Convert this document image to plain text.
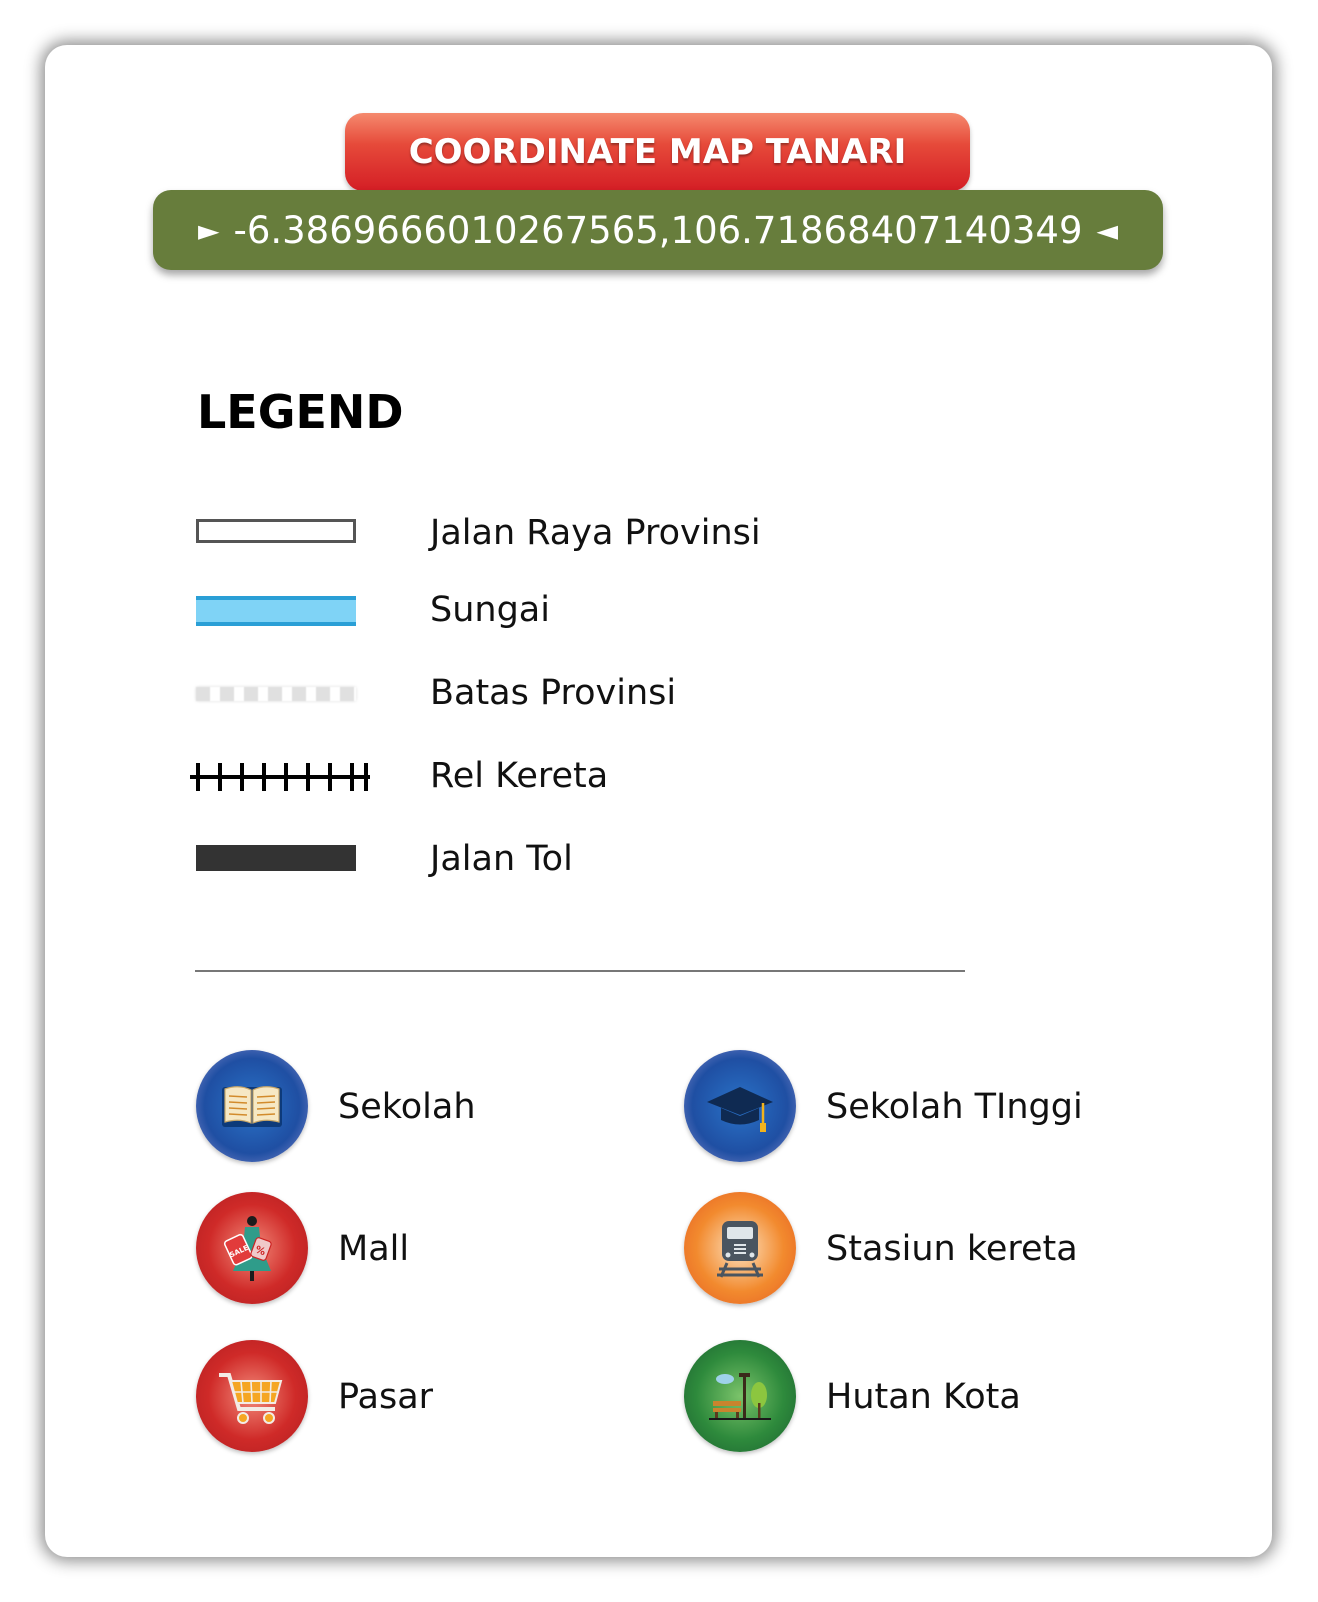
COORDINATE MAP TANARI
► -6.3869666010267565,106.71868407140349 ◄
LEGEND
Jalan Raya Provinsi
Sungai
Batas Provinsi
Rel Kereta
Jalan Tol
Sekolah	Sekolah TInggi
SALE % Mall	Stasiun kereta
Pasar	Hutan Kota
